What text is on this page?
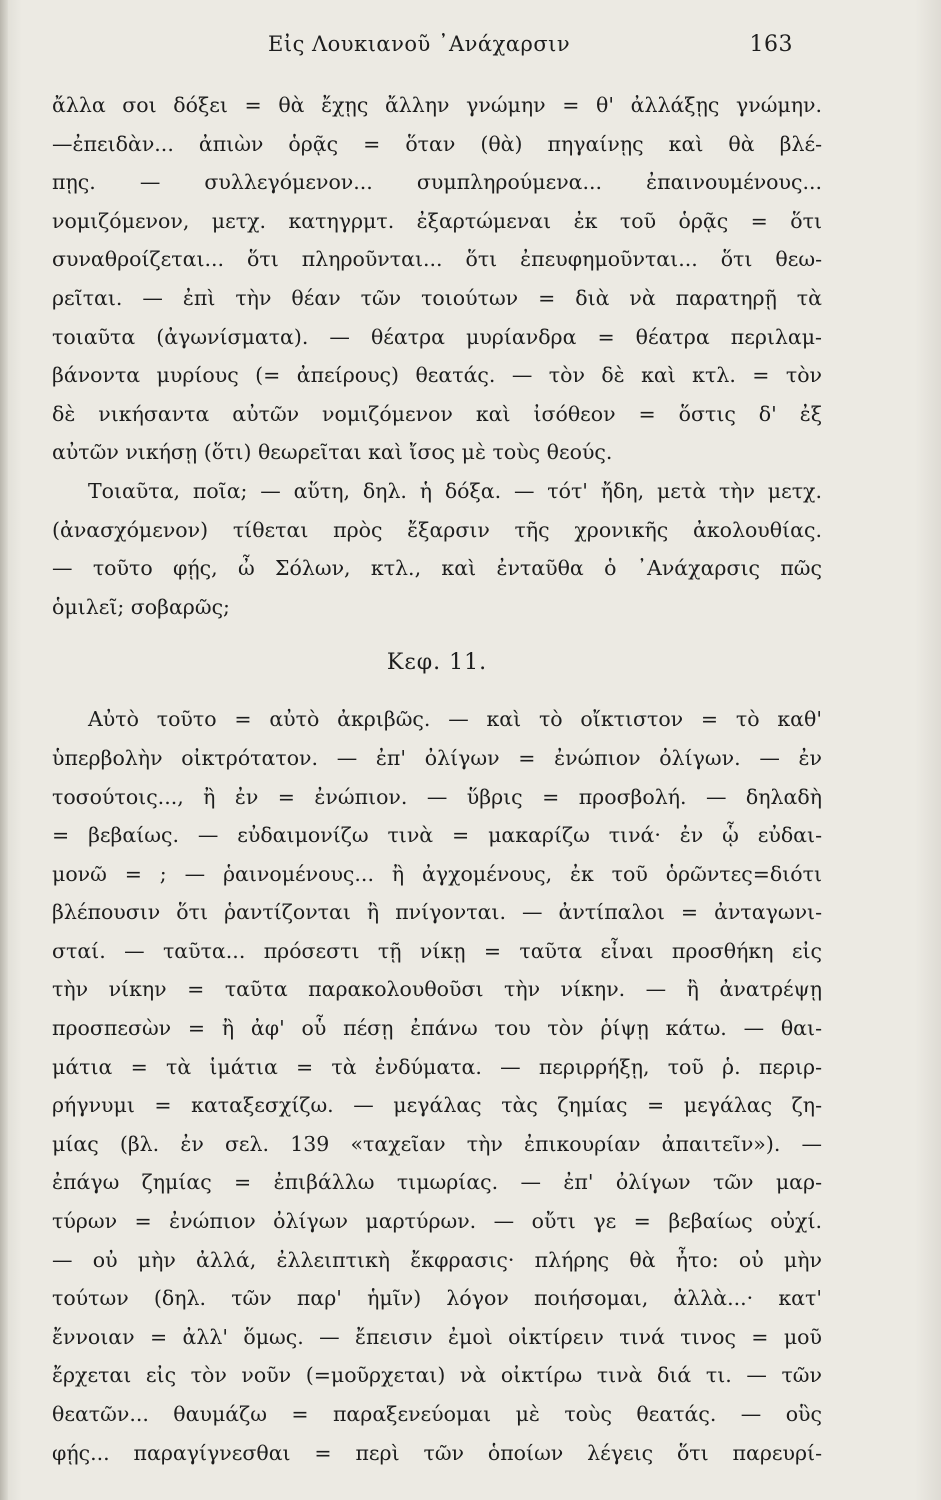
Εἰς Λουκιανοῦ ᾿Ανάχαρσιν	163
ἄλλα σοι δόξει = θὰ ἔχῃς ἄλλην γνώμην = θ' ἀλλάξῃς γνώμην.
—ἐπειδὰν... ἀπιὼν ὁρᾷς = ὅταν (θὰ) πηγαίνῃς καὶ θὰ βλέ-
πῃς. — συλλεγόμενον... συμπληρούμενα... ἐπαινουμένους...
νομιζόμενον, μετχ. κατηγρμτ. ἐξαρτώμεναι ἐκ τοῦ ὁρᾷς = ὅτι
συναθροίζεται... ὅτι πληροῦνται... ὅτι ἐπευφημοῦνται... ὅτι θεω-
ρεῖται. — ἐπὶ τὴν θέαν τῶν τοιούτων = διὰ νὰ παρατηρῇ τὰ
τοιαῦτα (ἀγωνίσματα). — θέατρα μυρίανδρα = θέατρα περιλαμ-
βάνοντα μυρίους (= ἀπείρους) θεατάς. — τὸν δὲ καὶ κτλ. = τὸν
δὲ νικήσαντα αὐτῶν νομιζόμενον καὶ ἰσόθεον = ὅστις δ' ἐξ
αὐτῶν νικήσῃ (ὅτι) θεωρεῖται καὶ ἴσος μὲ τοὺς θεούς.
Τοιαῦτα, ποῖα; — αὕτη, δηλ. ἡ δόξα. — τότ' ἤδη, μετὰ τὴν μετχ.
(ἀνασχόμενον) τίθεται πρὸς ἔξαρσιν τῆς χρονικῆς ἀκολουθίας.
— τοῦτο φῄς, ὦ Σόλων, κτλ., καὶ ἐνταῦθα ὁ ᾿Ανάχαρσις πῶς
ὁμιλεῖ; σοβαρῶς;
Κεφ. 11.
Αὐτὸ τοῦτο = αὐτὸ ἀκριβῶς. — καὶ τὸ οἴκτιστον = τὸ καθ'
ὑπερβολὴν οἰκτρότατον. — ἐπ' ὀλίγων = ἐνώπιον ὀλίγων. — ἐν
τοσούτοις..., ἢ ἐν = ἐνώπιον. — ὕβρις = προσβολή. — δηλαδὴ
= βεβαίως. — εὐδαιμονίζω τινὰ = μακαρίζω τινά· ἐν ᾧ εὐδαι-
μονῶ = ; — ῥαινομένους... ἢ ἀγχομένους, ἐκ τοῦ ὁρῶντες=διότι
βλέπουσιν ὅτι ῥαντίζονται ἢ πνίγονται. — ἀντίπαλοι = ἀνταγωνι-
σταί. — ταῦτα... πρόσεστι τῇ νίκῃ = ταῦτα εἶναι προσθήκη εἰς
τὴν νίκην = ταῦτα παρακολουθοῦσι τὴν νίκην. — ἢ ἀνατρέψῃ
προσπεσὼν = ἢ ἀφ' οὗ πέσῃ ἐπάνω του τὸν ῥίψῃ κάτω. — θαι-
μάτια = τὰ ἱμάτια = τὰ ἐνδύματα. — περιρρήξῃ, τοῦ ῥ. περιρ-
ρήγνυμι = καταξεσχίζω. — μεγάλας τὰς ζημίας = μεγάλας ζη-
μίας (βλ. ἐν σελ. 139 «ταχεῖαν τὴν ἐπικουρίαν ἀπαιτεῖν»). —
ἐπάγω ζημίας = ἐπιβάλλω τιμωρίας. — ἐπ' ὀλίγων τῶν μαρ-
τύρων = ἐνώπιον ὀλίγων μαρτύρων. — οὔτι γε = βεβαίως οὐχί.
— οὐ μὴν ἀλλά, ἐλλειπτικὴ ἔκφρασις· πλήρης θὰ ἦτο: οὐ μὴν
τούτων (δηλ. τῶν παρ' ἡμῖν) λόγον ποιήσομαι, ἀλλὰ...· κατ'
ἔννοιαν = ἀλλ' ὅμως. — ἔπεισιν ἐμοὶ οἰκτίρειν τινά τινος = μοῦ
ἔρχεται εἰς τὸν νοῦν (=μοῦρχεται) νὰ οἰκτίρω τινὰ διά τι. — τῶν
θεατῶν... θαυμάζω = παραξενεύομαι μὲ τοὺς θεατάς. — οὓς
φῄς... παραγίγνεσθαι = περὶ τῶν ὁποίων λέγεις ὅτι παρευρί-
